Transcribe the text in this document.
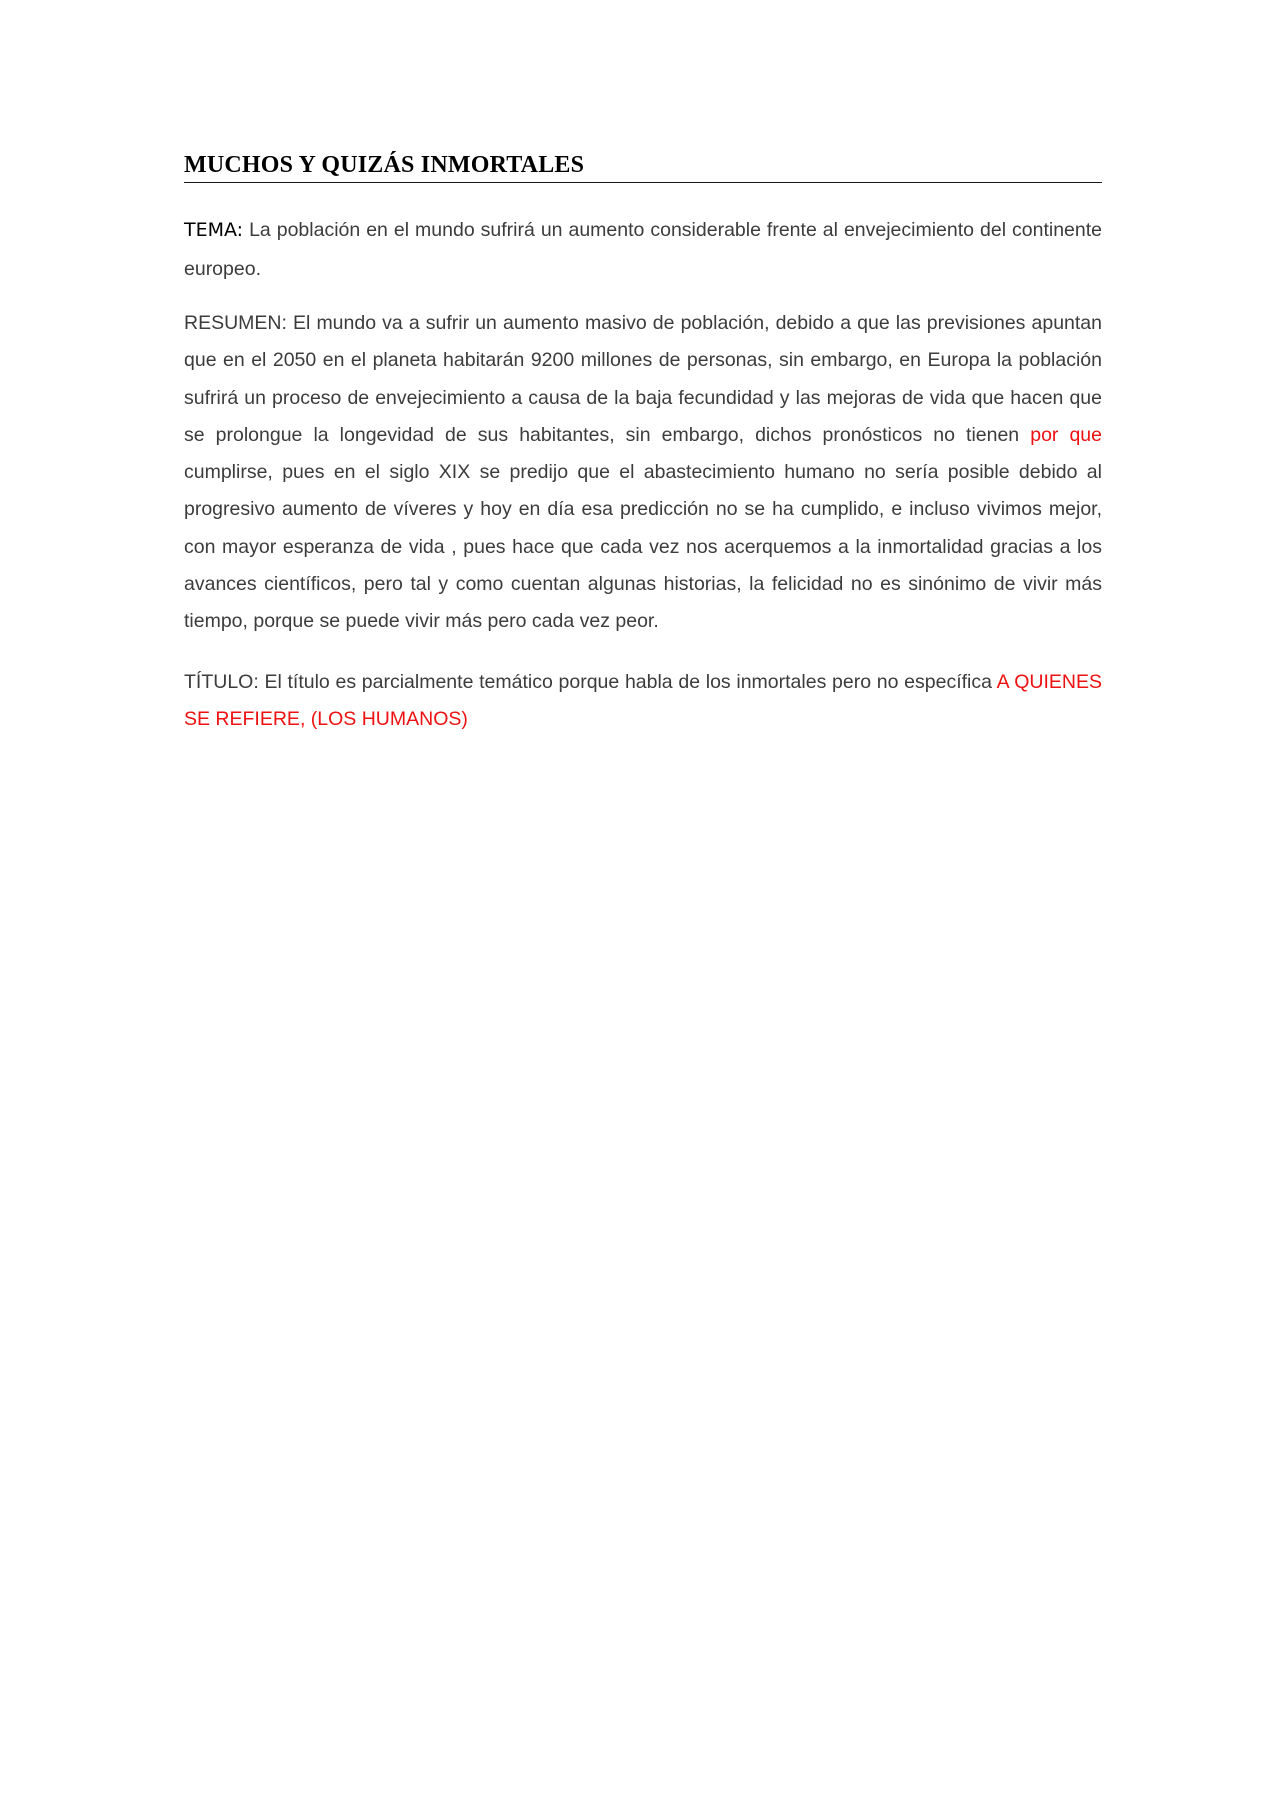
MUCHOS Y QUIZÁS INMORTALES

TEMA: La población en el mundo sufrirá un aumento considerable frente al envejecimiento del continente europeo.

RESUMEN: El mundo va a sufrir un aumento masivo de población, debido a que las previsiones apuntan que en el 2050 en el planeta habitarán 9200 millones de personas, sin embargo, en Europa la población sufrirá un proceso de envejecimiento a causa de la baja fecundidad y las mejoras de vida que hacen que se prolongue la longevidad de sus habitantes, sin embargo, dichos pronósticos no tienen por que cumplirse, pues en el siglo XIX se predijo que el abastecimiento humano no sería posible debido al progresivo aumento de víveres y hoy en día esa predicción no se ha cumplido, e incluso vivimos mejor, con mayor esperanza de vida , pues hace que cada vez nos acerquemos a la inmortalidad gracias a los avances científicos, pero tal y como cuentan algunas historias, la felicidad no es sinónimo de vivir más tiempo, porque se puede vivir más pero cada vez peor.

TÍTULO: El título es parcialmente temático porque habla de los inmortales pero no específica A QUIENES SE REFIERE, (LOS HUMANOS)
